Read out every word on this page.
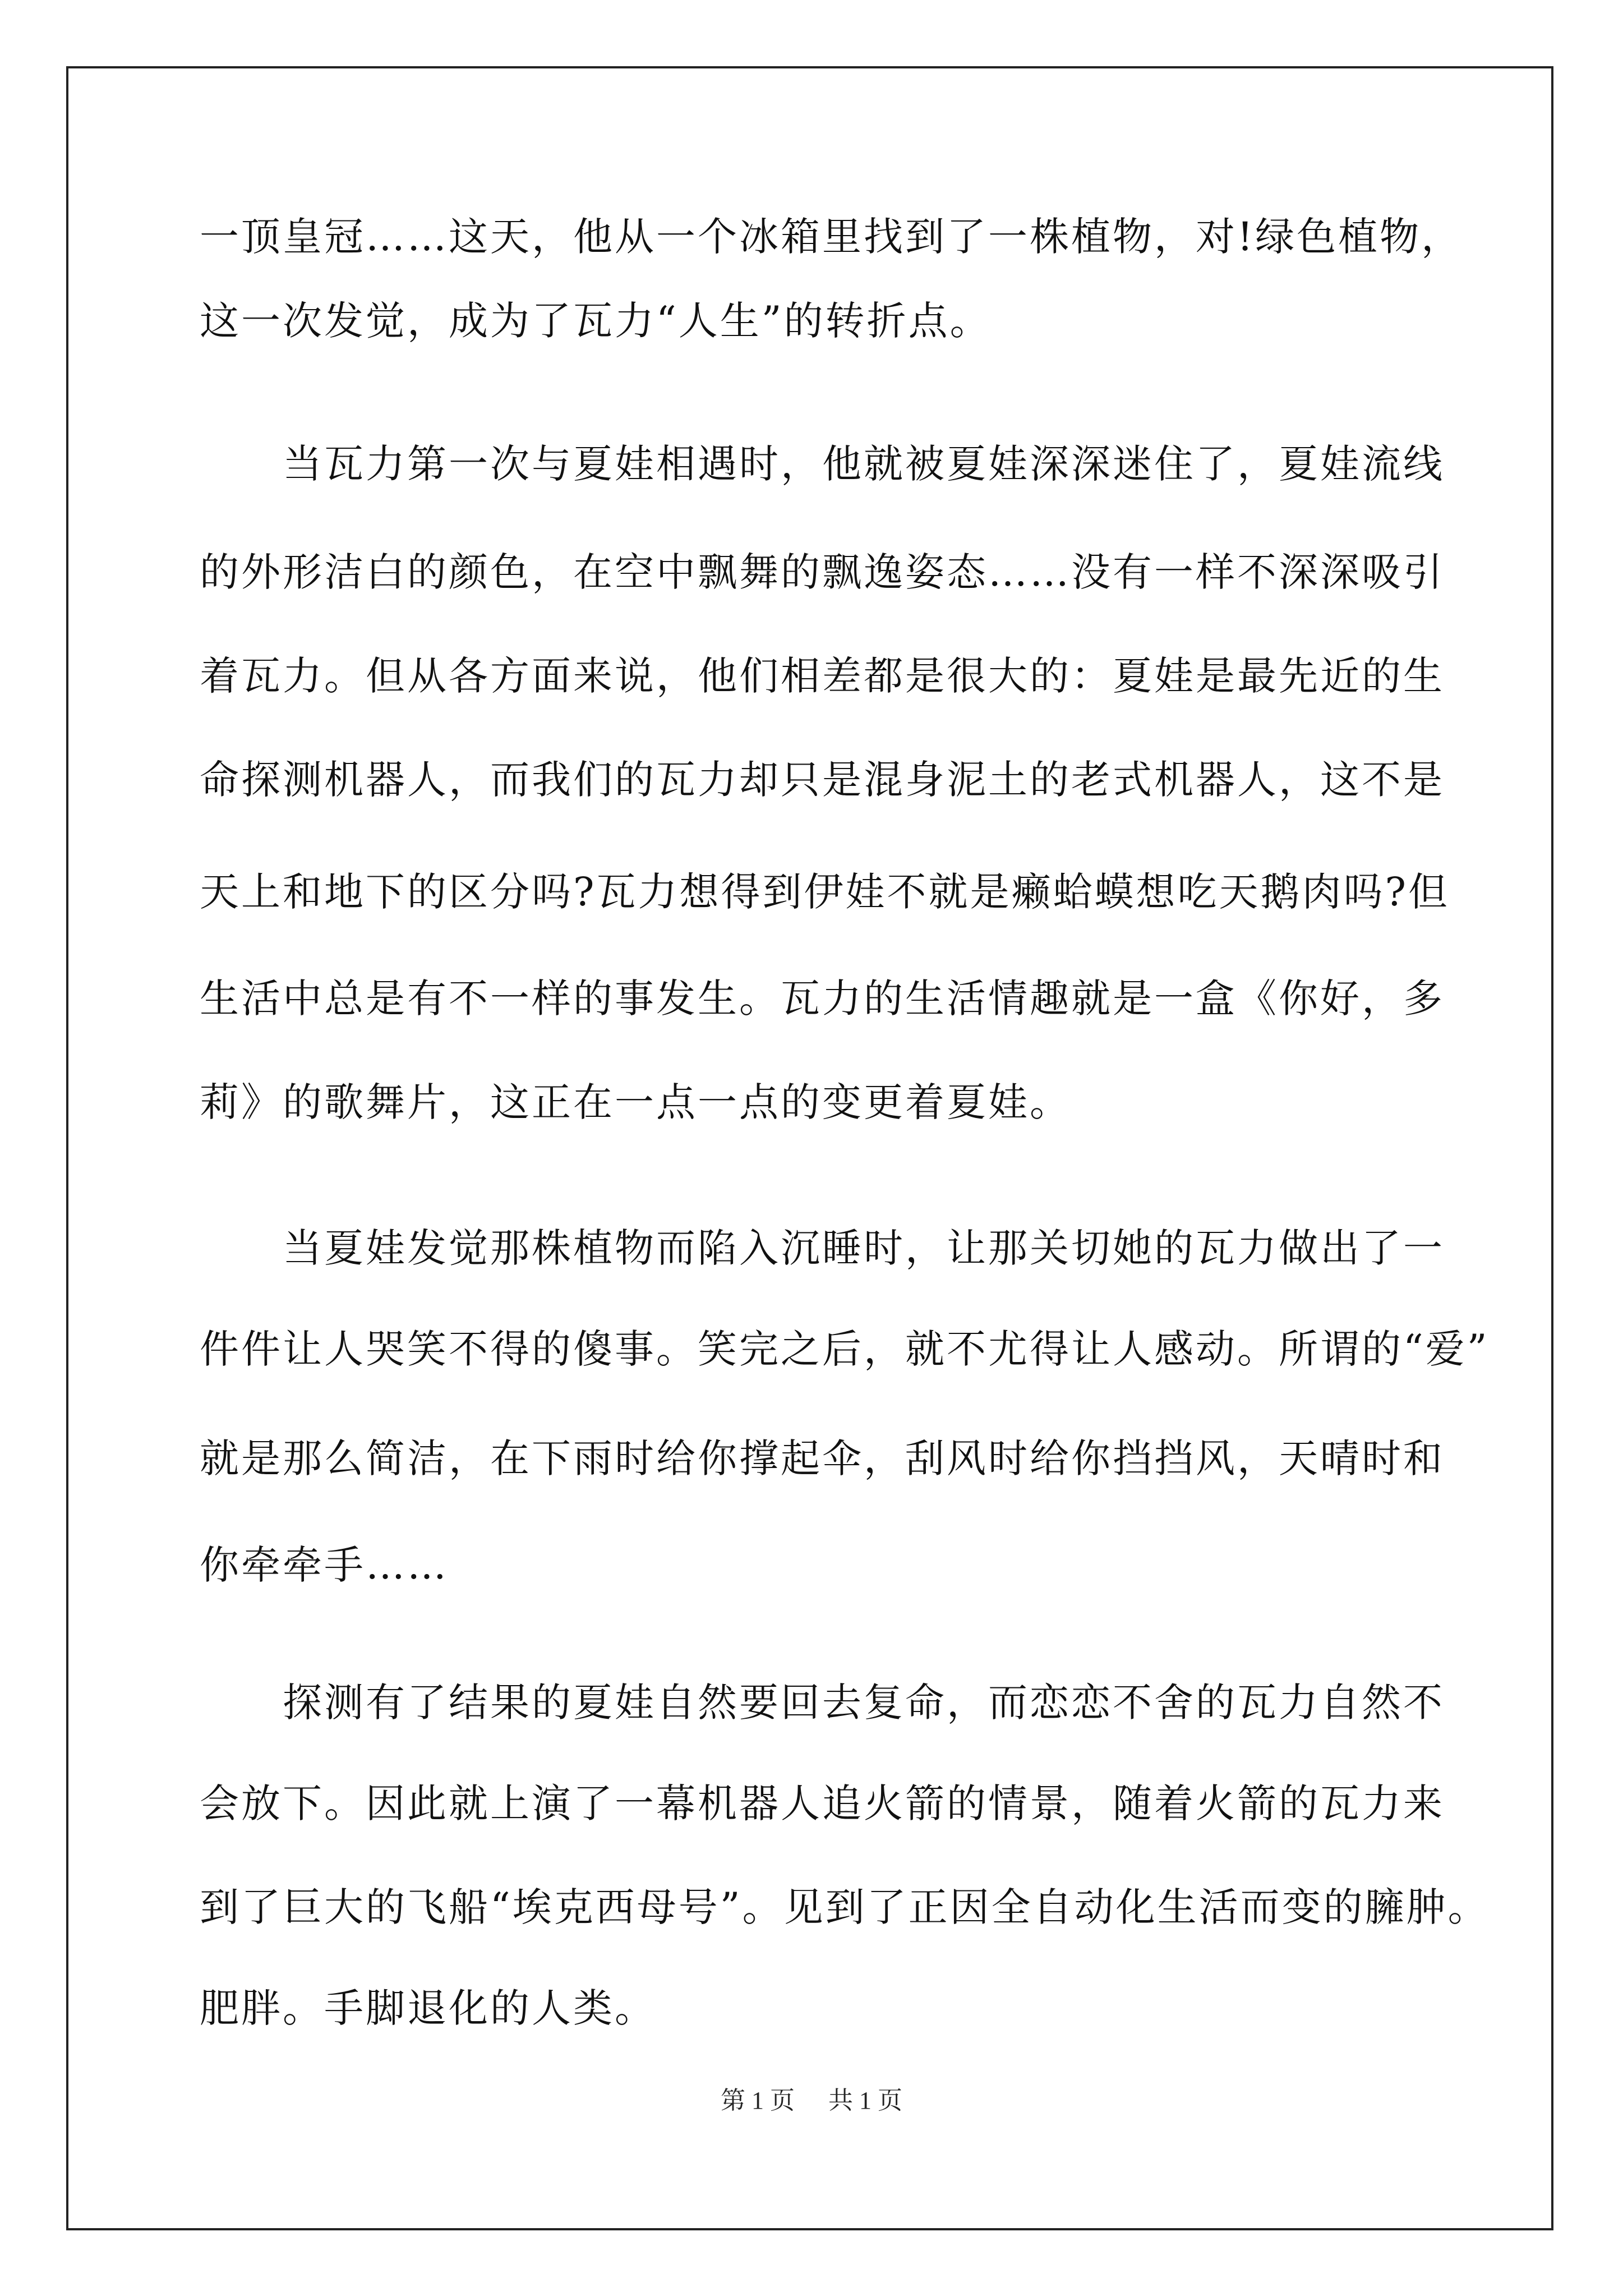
一顶皇冠……这天，他从一个冰箱里找到了一株植物，对!绿色植物，
这一次发觉，成为了瓦力“人生”的转折点。
当瓦力第一次与夏娃相遇时，他就被夏娃深深迷住了，夏娃流线
的外形洁白的颜色，在空中飘舞的飘逸姿态……没有一样不深深吸引
着瓦力。但从各方面来说，他们相差都是很大的：夏娃是最先近的生
命探测机器人，而我们的瓦力却只是混身泥土的老式机器人，这不是
天上和地下的区分吗?瓦力想得到伊娃不就是癞蛤蟆想吃天鹅肉吗?但
生活中总是有不一样的事发生。瓦力的生活情趣就是一盒《你好，多
莉》的歌舞片，这正在一点一点的变更着夏娃。
当夏娃发觉那株植物而陷入沉睡时，让那关切她的瓦力做出了一
件件让人哭笑不得的傻事。笑完之后，就不尤得让人感动。所谓的“爱”
就是那么简洁，在下雨时给你撑起伞，刮风时给你挡挡风，天晴时和
你牵牵手……
探测有了结果的夏娃自然要回去复命，而恋恋不舍的瓦力自然不
会放下。因此就上演了一幕机器人追火箭的情景，随着火箭的瓦力来
到了巨大的飞船“埃克西母号”。见到了正因全自动化生活而变的臃肿。
肥胖。手脚退化的人类。
第 1 页 共 1 页
